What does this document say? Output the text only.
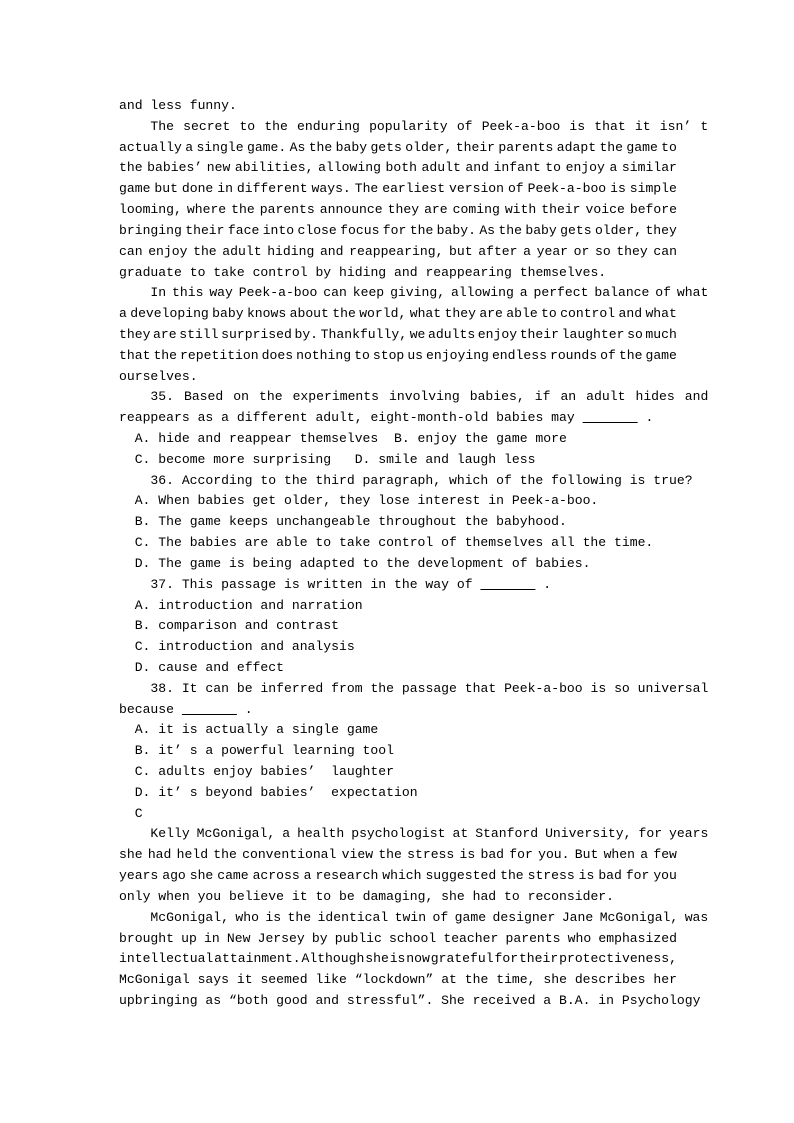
and less funny.
The secret to the enduring popularity of Peek-a-boo is that it isn’ t
actually a single game. As the baby gets older, their parents adapt the game to
the babies’ new abilities, allowing both adult and infant to enjoy a similar
game but done in different ways. The earliest version of Peek-a-boo is simple
looming, where the parents announce they are coming with their voice before
bringing their face into close focus for the baby. As the baby gets older, they
can enjoy the adult hiding and reappearing, but after a year or so they can
graduate to take control by hiding and reappearing themselves.
In this way Peek-a-boo can keep giving, allowing a perfect balance of what
a developing baby knows about the world, what they are able to control and what
they are still surprised by. Thankfully, we adults enjoy their laughter so much
that the repetition does nothing to stop us enjoying endless rounds of the game
ourselves.
35. Based on the experiments involving babies, if an adult hides and
reappears as a different adult, eight-month-old babies may	.
A. hide and reappear themselves  B. enjoy the game more
C. become more surprising   D. smile and laugh less
36. According to the third paragraph, which of the following is true?
A. When babies get older, they lose interest in Peek-a-boo.
B. The game keeps unchangeable throughout the babyhood.
C. The babies are able to take control of themselves all the time.
D. The game is being adapted to the development of babies.
37. This passage is written in the way of	.
A. introduction and narration
B. comparison and contrast
C. introduction and analysis
D. cause and effect
38. It can be inferred from the passage that Peek-a-boo is so universal
because	.
A. it is actually a single game
B. it’ s a powerful learning tool
C. adults enjoy babies’  laughter
D. it’ s beyond babies’  expectation
C
Kelly McGonigal, a health psychologist at Stanford University, for years
she had held the conventional view the stress is bad for you. But when a few
years ago she came across a research which suggested the stress is bad for you
only when you believe it to be damaging, she had to reconsider.
McGonigal, who is the identical twin of game designer Jane McGonigal, was
brought up in New Jersey by public school teacher parents who emphasized
intellectual attainment. Although she is now grateful for their protectiveness,
McGonigal says it seemed like “lockdown” at the time, she describes her
upbringing as “both good and stressful”. She received a B.A. in Psychology
